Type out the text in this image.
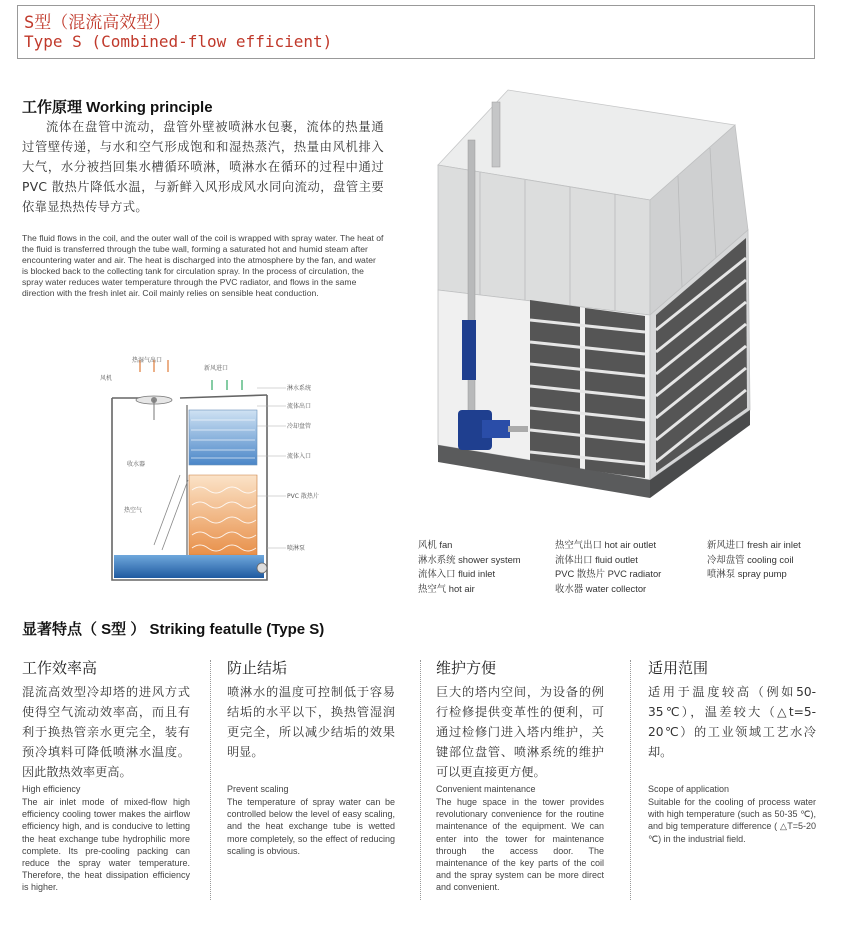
S型（混流高效型）
Type S (Combined-flow efficient)
工作原理 Working principle
流体在盘管中流动，盘管外壁被喷淋水包裹，流体的热量通过管壁传递，与水和空气形成饱和和湿热蒸汽，热量由风机排入大气，水分被挡回集水槽循环喷淋，喷淋水在循环的过程中通过PVC 散热片降低水温，与新鲜入风形成风水同向流动，盘管主要依靠显热热传导方式。
The fluid flows in the coil, and the outer wall of the coil is wrapped with spray water. The heat of the fluid is transferred through the tube wall, forming a saturated hot and humid steam after encountering water and air. The heat is discharged into the atmosphere by the fan, and water is blocked back to the collecting tank for circulation spray. In the process of circulation, the spray water reduces water temperature through the PVC radiator, and flows in the same direction with the fresh inlet air. Coil mainly relies on sensible heat conduction.
热湿气出口
风机
新风进口
淋水系统
流体出口
冷却盘管
流体入口
PVC 散热片
收水器
热空气
喷淋泵	风机 fan	热空气出口 hot air outlet	新风进口 fresh air inlet
淋水系统 shower system	流体出口 fluid outlet	冷却盘管 cooling coil
流体入口 fluid inlet	PVC 散热片 PVC radiator	喷淋泵 spray pump
热空气 hot air	收水器 water collector
显著特点（ S型 ） Striking featulle (Type S)
工作效率高
混流高效型冷却塔的进风方式使得空气流动效率高，而且有利于换热管亲水更完全，装有预冷填料可降低喷淋水温度。因此散热效率更高。
High efficiency
The air inlet mode of mixed-flow high efficiency cooling tower makes the airflow efficiency high, and is conducive to letting the heat exchange tube hydrophilic more complete. Its pre-cooling packing can reduce the spray water temperature. Therefore, the heat dissipation efficiency is higher.
防止结垢
喷淋水的温度可控制低于容易结垢的水平以下，换热管湿润更完全，所以减少结垢的效果明显。
Prevent scaling
The temperature of spray water can be controlled below the level of easy scaling, and the heat exchange tube is wetted more completely, so the effect of reducing scaling is obvious.
维护方便
巨大的塔内空间，为设备的例行检修提供变革性的便利，可通过检修门进入塔内维护，关键部位盘管、喷淋系统的维护可以更直接更方便。
Convenient maintenance
The huge space in the tower provides revolutionary convenience for the routine maintenance of the equipment. We can enter into the tower for maintenance through the access door. The maintenance of the key parts of the coil and the spray system can be more direct and convenient.
适用范围
适用于温度较高（例如50-35℃），温差较大（△t=5-20℃）的工业领域工艺水冷却。
Scope of application
Suitable for the cooling of process water with high temperature (such as 50-35 ℃), and big temperature difference ( △T=5-20 ℃) in the industrial field.
